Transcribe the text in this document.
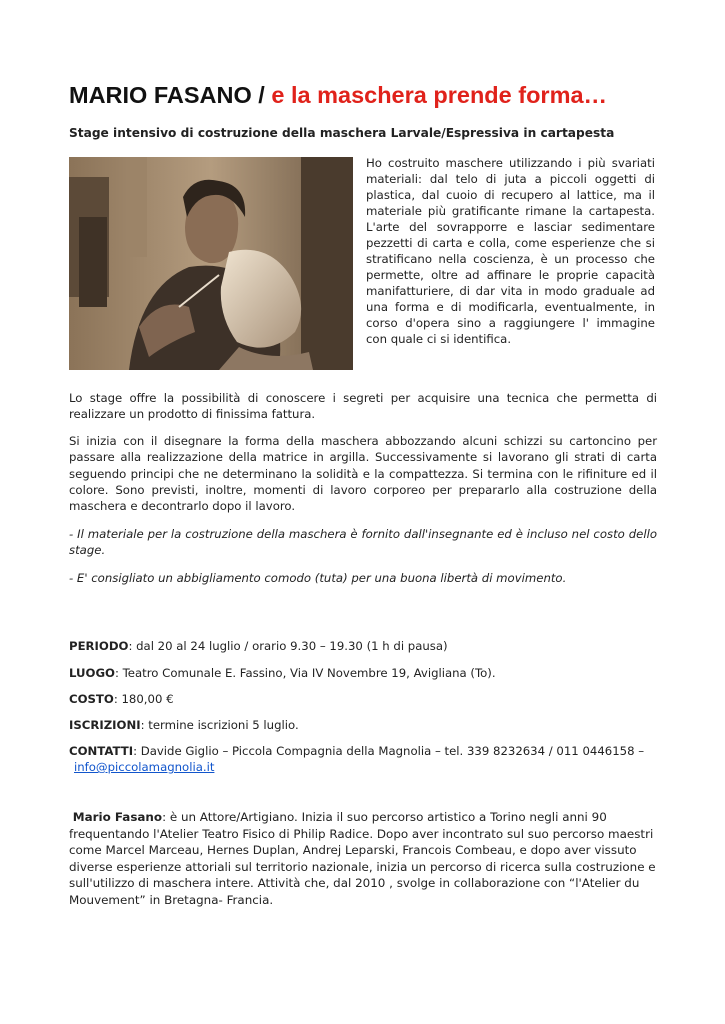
MARIO FASANO / e la maschera prende forma…

Stage intensivo di costruzione della maschera Larvale/Espressiva in cartapesta

Ho costruito maschere utilizzando i più svariati materiali: dal telo di juta a piccoli oggetti di plastica, dal cuoio di recupero al lattice, ma il materiale più gratificante rimane la cartapesta. L'arte del sovrapporre e lasciar sedimentare pezzetti di carta e colla, come esperienze che si stratificano nella coscienza, è un processo che permette, oltre ad affinare le proprie capacità manifatturiere, di dar vita in modo graduale ad una forma e di modificarla, eventualmente, in corso d'opera sino a raggiungere l' immagine con quale ci si identifica.

Lo stage offre la possibilità di conoscere i segreti per acquisire una tecnica che permetta di realizzare un prodotto di finissima fattura.

Si inizia con il disegnare la forma della maschera abbozzando alcuni schizzi su cartoncino per passare alla realizzazione della matrice in argilla. Successivamente si lavorano gli strati di carta seguendo principi che ne determinano la solidità e la compattezza. Si termina con le rifiniture ed il colore. Sono previsti, inoltre, momenti di lavoro corporeo per prepararlo alla costruzione della maschera e decontrarlo dopo il lavoro.

- Il materiale per la costruzione della maschera è fornito dall'insegnante ed è incluso nel costo dello stage.

- E' consigliato un abbigliamento comodo (tuta) per una buona libertà di movimento.

PERIODO: dal 20 al 24 luglio / orario 9.30 – 19.30 (1 h di pausa)

LUOGO: Teatro Comunale E. Fassino, Via IV Novembre 19, Avigliana (To).

COSTO: 180,00 €

ISCRIZIONI: termine iscrizioni 5 luglio.

CONTATTI: Davide Giglio – Piccola Compagnia della Magnolia – tel. 339 8232634 / 011 0446158 –
info@piccolamagnolia.it

Mario Fasano: è un Attore/Artigiano. Inizia il suo percorso artistico a Torino negli anni 90 frequentando l'Atelier Teatro Fisico di Philip Radice. Dopo aver incontrato sul suo percorso maestri come Marcel Marceau, Hernes Duplan, Andrej Leparski, Francois Combeau, e dopo aver vissuto diverse esperienze attoriali sul territorio nazionale, inizia un percorso di ricerca sulla costruzione e sull'utilizzo di maschera intere. Attività che, dal 2010 , svolge in collaborazione con “l'Atelier du Mouvement” in Bretagna- Francia.
